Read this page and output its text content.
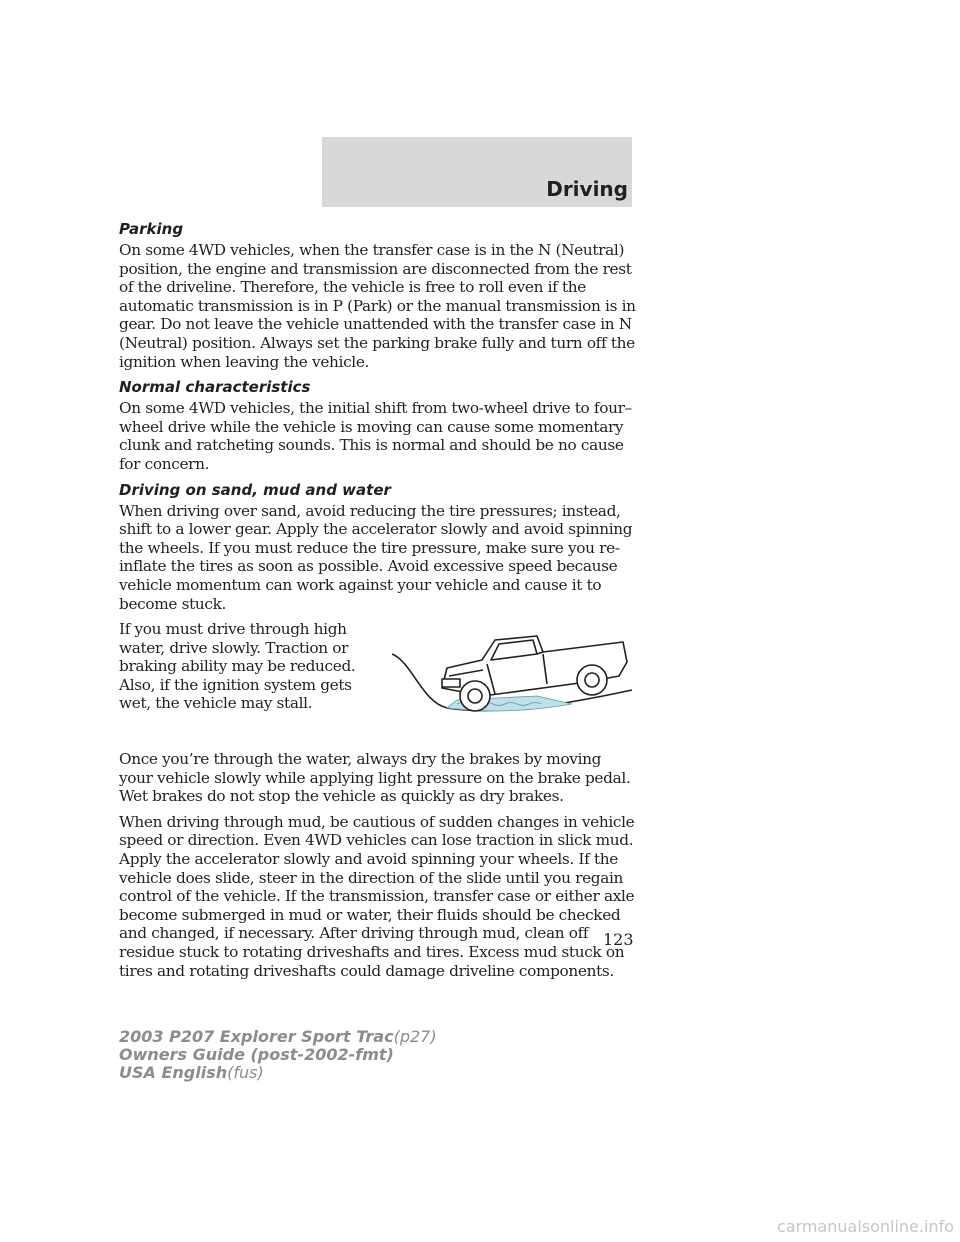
Driving
Parking

On some 4WD vehicles, when the transfer case is in the N (Neutral) position, the engine and transmission are disconnected from the rest of the driveline. Therefore, the vehicle is free to roll even if the automatic transmission is in P (Park) or the manual transmission is in gear. Do not leave the vehicle unattended with the transfer case in N (Neutral) position. Always set the parking brake fully and turn off the ignition when leaving the vehicle.

Normal characteristics

On some 4WD vehicles, the initial shift from two-wheel drive to four–wheel drive while the vehicle is moving can cause some momentary clunk and ratcheting sounds. This is normal and should be no cause for concern.

Driving on sand, mud and water

When driving over sand, avoid reducing the tire pressures; instead, shift to a lower gear. Apply the accelerator slowly and avoid spinning the wheels. If you must reduce the tire pressure, make sure you re-inflate the tires as soon as possible. Avoid excessive speed because vehicle momentum can work against your vehicle and cause it to become stuck.

If you must drive through high water, drive slowly. Traction or braking ability may be reduced. Also, if the ignition system gets wet, the vehicle may stall.

Once you’re through the water, always dry the brakes by moving your vehicle slowly while applying light pressure on the brake pedal. Wet brakes do not stop the vehicle as quickly as dry brakes.

When driving through mud, be cautious of sudden changes in vehicle speed or direction. Even 4WD vehicles can lose traction in slick mud. Apply the accelerator slowly and avoid spinning your wheels. If the vehicle does slide, steer in the direction of the slide until you regain control of the vehicle. If the transmission, transfer case or either axle become submerged in mud or water, their fluids should be checked and changed, if necessary. After driving through mud, clean off residue stuck to rotating driveshafts and tires. Excess mud stuck on tires and rotating driveshafts could damage driveline components.

123
2003 P207 Explorer Sport Trac(p27)
Owners Guide (post-2002-fmt)
USA English(fus)
carmanualsonline.info
